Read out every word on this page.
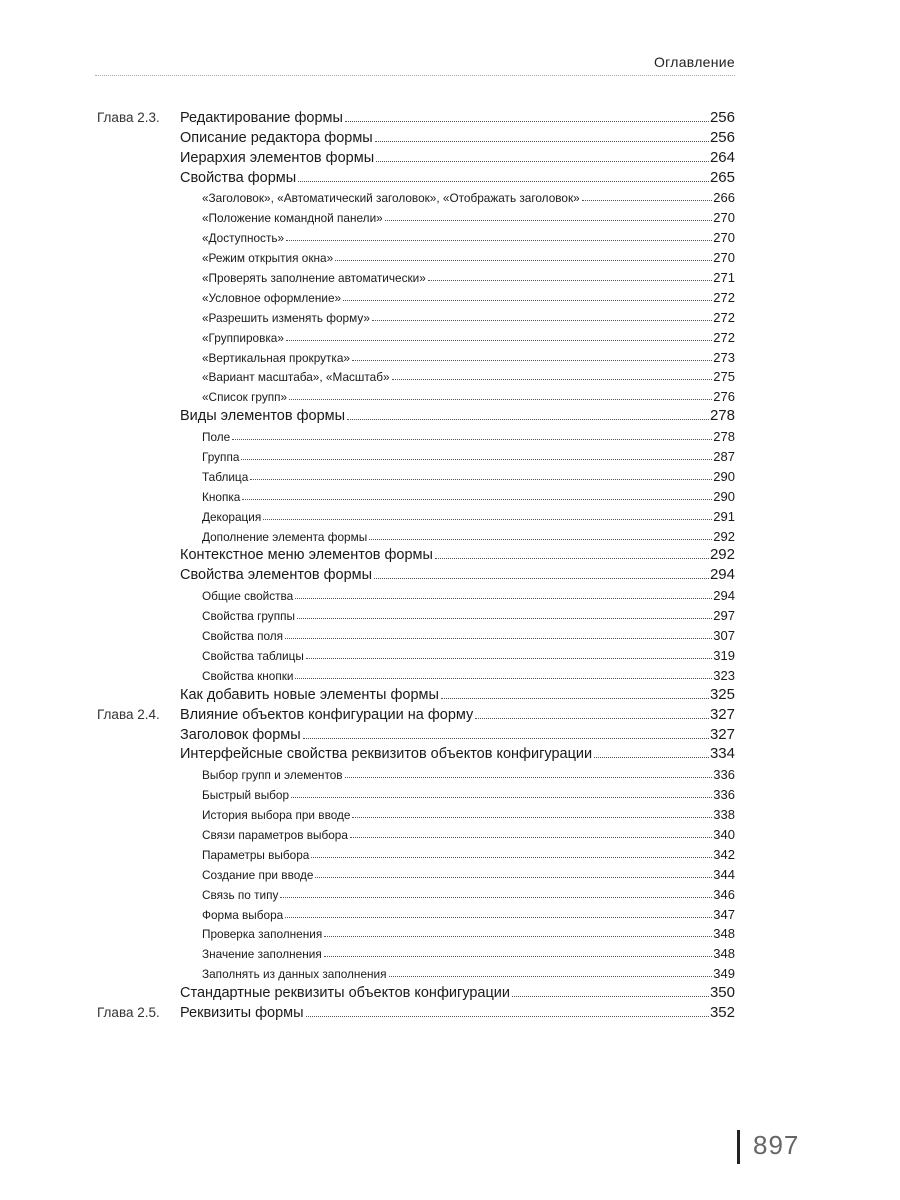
Оглавление
Глава 2.3. Редактирование формы	256
Описание редактора формы	256
Иерархия элементов формы	264
Свойства формы	265
«Заголовок», «Автоматический заголовок», «Отображать заголовок»	266
«Положение командной панели»	270
«Доступность»	270
«Режим открытия окна»	270
«Проверять заполнение автоматически»	271
«Условное оформление»	272
«Разрешить изменять форму»	272
«Группировка»	272
«Вертикальная прокрутка»	273
«Вариант масштаба», «Масштаб»	275
«Список групп»	276
Виды элементов формы	278
Поле	278
Группа	287
Таблица	290
Кнопка	290
Декорация	291
Дополнение элемента формы	292
Контекстное меню элементов формы	292
Свойства элементов формы	294
Общие свойства	294
Свойства группы	297
Свойства поля	307
Свойства таблицы	319
Свойства кнопки	323
Как добавить новые элементы формы	325
Глава 2.4. Влияние объектов конфигурации на форму	327
Заголовок формы	327
Интерфейсные свойства реквизитов объектов конфигурации	334
Выбор групп и элементов	336
Быстрый выбор	336
История выбора при вводе	338
Связи параметров выбора	340
Параметры выбора	342
Создание при вводе	344
Связь по типу	346
Форма выбора	347
Проверка заполнения	348
Значение заполнения	348
Заполнять из данных заполнения	349
Стандартные реквизиты объектов конфигурации	350
Глава 2.5. Реквизиты формы	352
897
